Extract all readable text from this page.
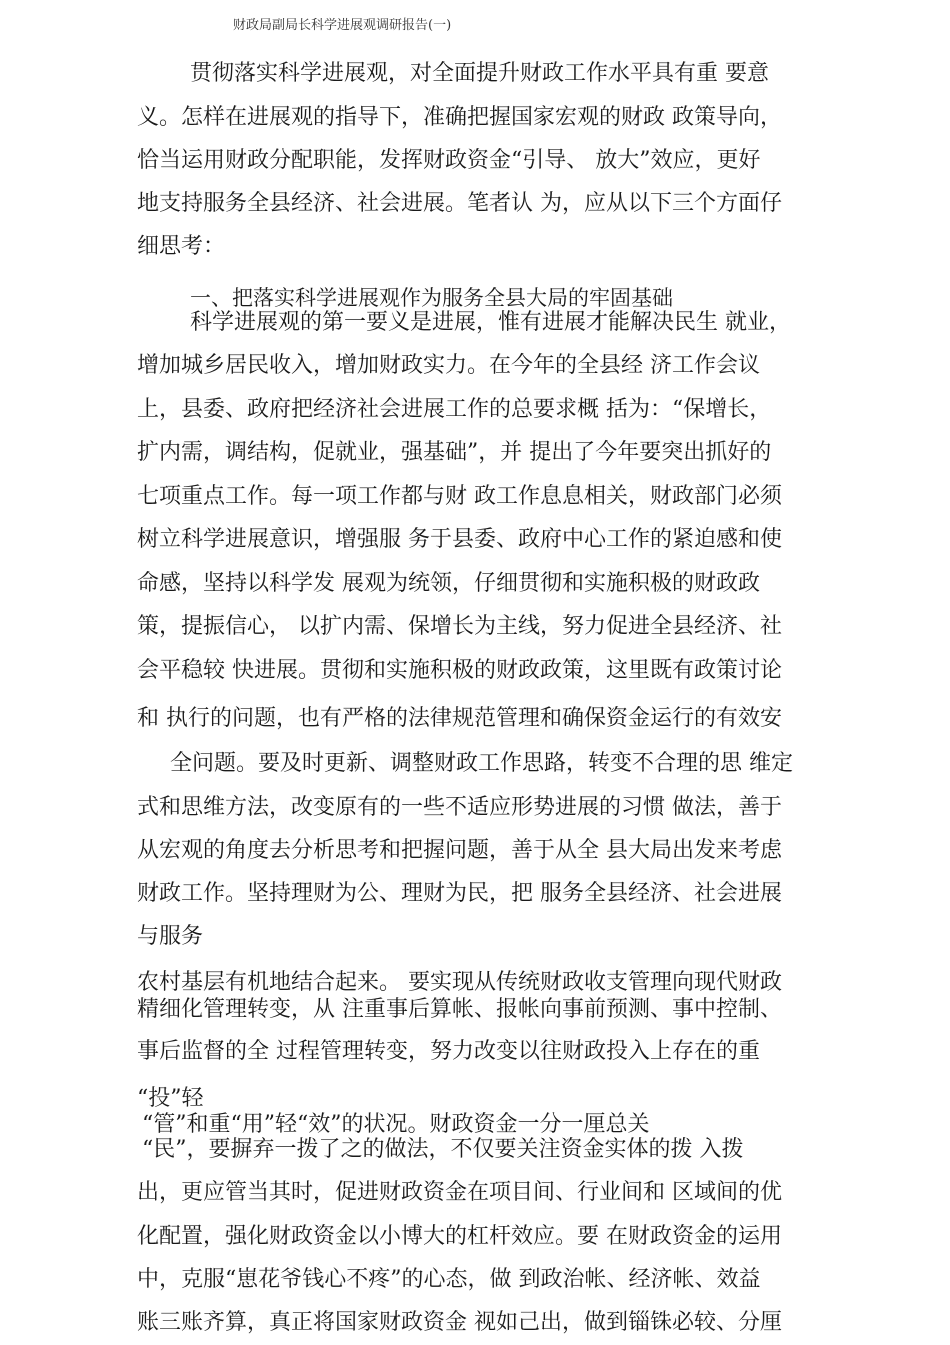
财政局副局长科学进展观调研报告(一)
贯彻落实科学进展观，对全面提升财政工作水平具有重 要意
义。怎样在进展观的指导下，准确把握国家宏观的财政 政策导向，
恰当运用财政分配职能，发挥财政资金“引导、 放大”效应，更好
地支持服务全县经济、社会进展。笔者认 为，应从以下三个方面仔
细思考：
一、把落实科学进展观作为服务全县大局的牢固基础
科学进展观的第一要义是进展，惟有进展才能解决民生 就业，
增加城乡居民收入，增加财政实力。在今年的全县经 济工作会议
上，县委、政府把经济社会进展工作的总要求概 括为：“保增长，
扩内需，调结构，促就业，强基础”，并 提出了今年要突出抓好的
七项重点工作。每一项工作都与财 政工作息息相关，财政部门必须
树立科学进展意识，增强服 务于县委、政府中心工作的紧迫感和使
命感，坚持以科学发 展观为统领，仔细贯彻和实施积极的财政政
策，提振信心， 以扩内需、保增长为主线，努力促进全县经济、社
会平稳较 快进展。贯彻和实施积极的财政政策，这里既有政策讨论
和 执行的问题，也有严格的法律规范管理和确保资金运行的有效安
全问题。要及时更新、调整财政工作思路，转变不合理的思 维定
式和思维方法，改变原有的一些不适应形势进展的习惯 做法，善于
从宏观的角度去分析思考和把握问题，善于从全 县大局出发来考虑
财政工作。坚持理财为公、理财为民，把 服务全县经济、社会进展
与服务
农村基层有机地结合起来。 要实现从传统财政收支管理向现代财政
精细化管理转变，从 注重事后算帐、报帐向事前预测、事中控制、
事后监督的全 过程管理转变，努力改变以往财政投入上存在的重
“投”轻
“管”和重“用”轻“效”的状况。财政资金一分一厘总关
“民”，要摒弃一拨了之的做法，不仅要关注资金实体的拨 入拨
出，更应管当其时，促进财政资金在项目间、行业间和 区域间的优
化配置，强化财政资金以小博大的杠杆效应。要 在财政资金的运用
中，克服“崽花爷钱心不疼”的心态，做 到政治帐、经济帐、效益
账三账齐算，真正将国家财政资金 视如己出，做到锱铢必较、分厘
